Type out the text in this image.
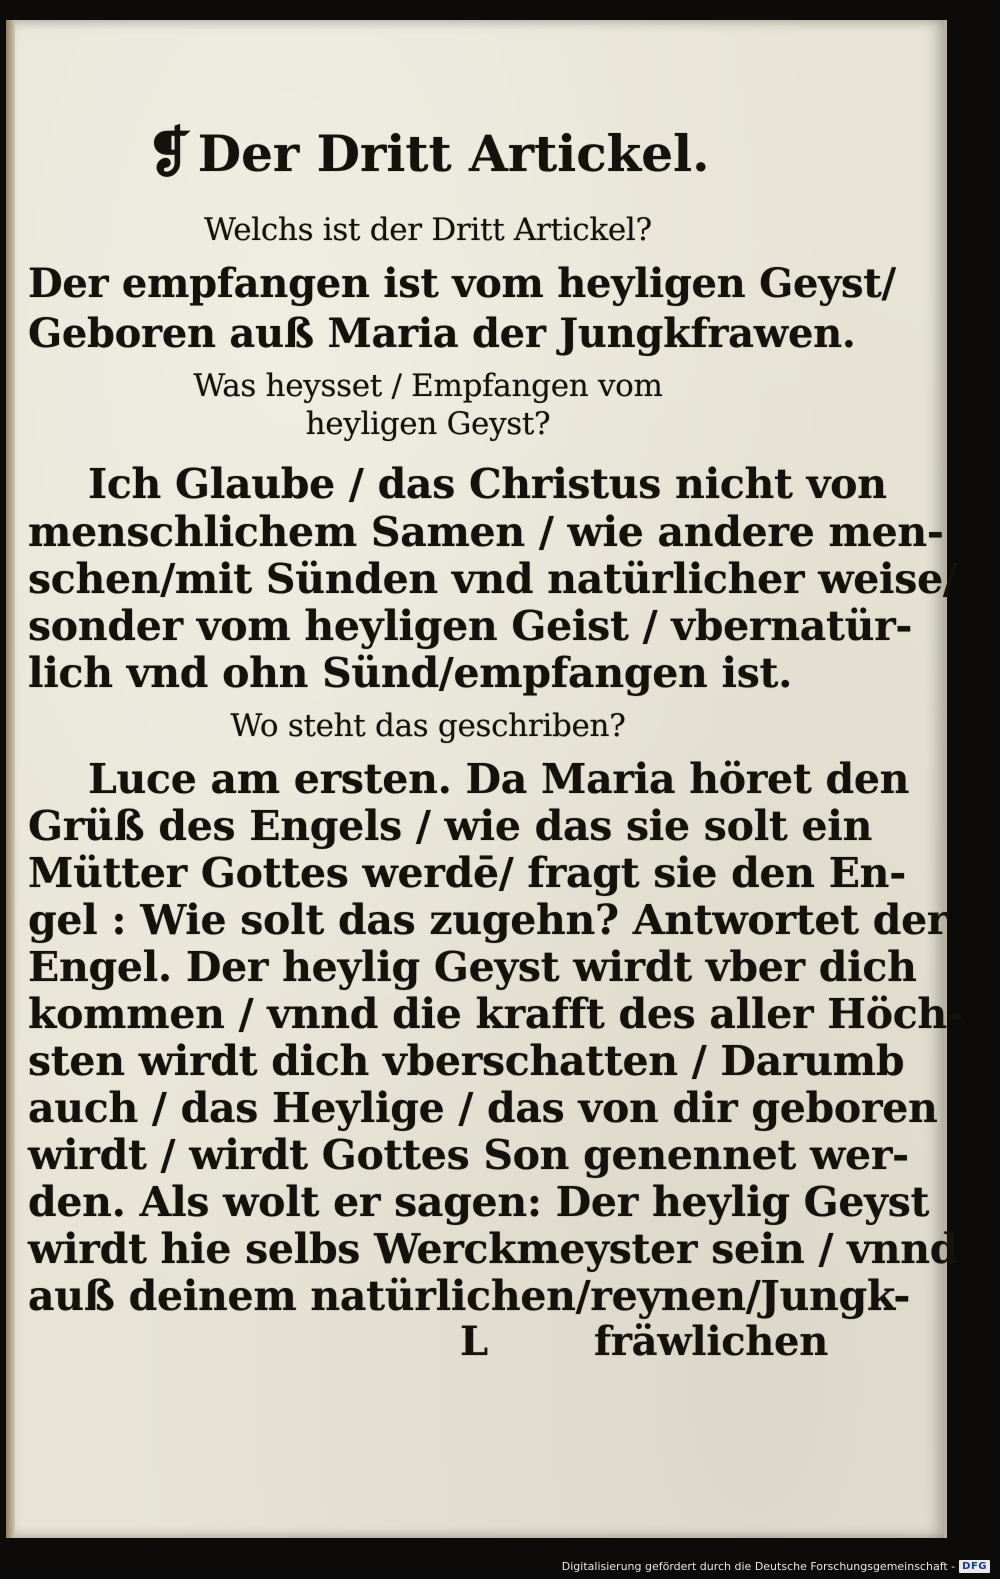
❡ Der Dritt Artickel.
Welchs ist der Dritt Artickel?
Der empfangen ist vom heyligen Geyst/
Geboren auß Maria der Jungkfrawen.
Was heysset / Empfangen vom
heyligen Geyst?
Ich Glaube / das Christus nicht von
menschlichem Samen / wie andere men-
schen/mit Sünden vnd natürlicher weise/
sonder vom heyligen Geist / vbernatür-
lich vnd ohn Sünd/empfangen ist.
Wo steht das geschriben?
Luce am ersten. Da Maria höret den
Grüß des Engels / wie das sie solt ein
Mütter Gottes werdē/ fragt sie den En-
gel : Wie solt das zugehn? Antwortet der
Engel. Der heylig Geyst wirdt vber dich
kommen / vnnd die krafft des aller Höch-
sten wirdt dich vberschatten / Darumb
auch / das Heylige / das von dir geboren
wirdt / wirdt Gottes Son genennet wer-
den. Als wolt er sagen: Der heylig Geyst
wirdt hie selbs Werckmeyster sein / vnnd
auß deinem natürlichen/reynen/Jungk-
L	fräwlichen
Digitalisierung gefördert durch die Deutsche Forschungsgemeinschaft - DFG
